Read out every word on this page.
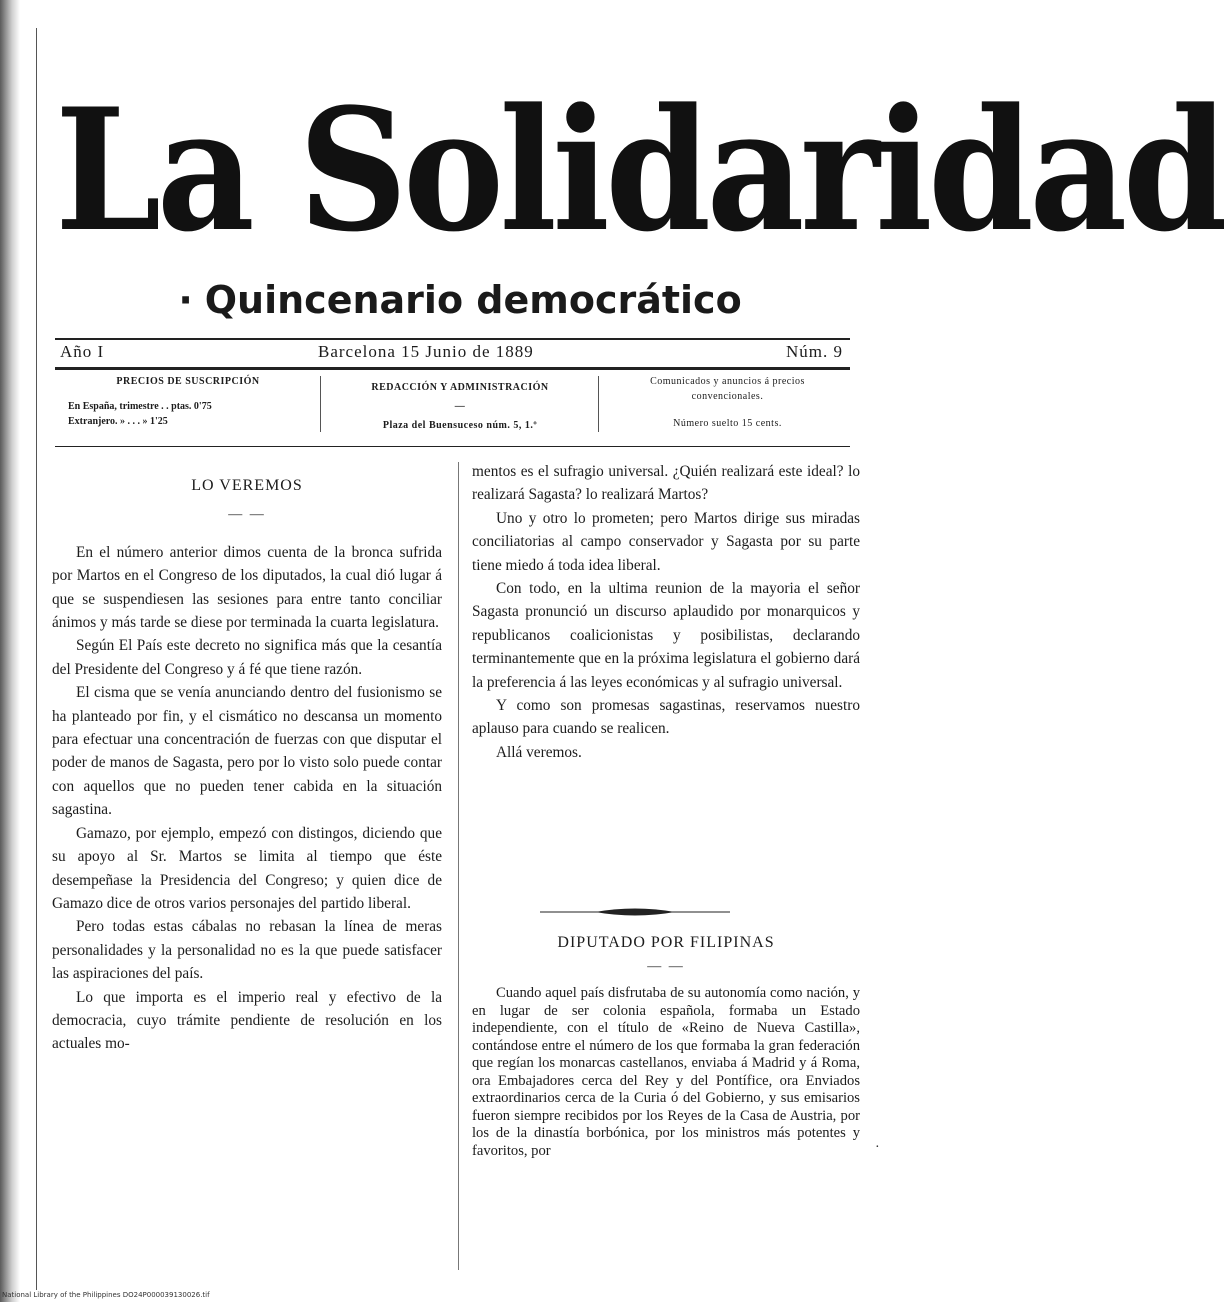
La Solidaridad
· Quincenario democrático
Año I	Barcelona 15 Junio de 1889	Núm. 9
PRECIOS DE SUSCRIPCIÓN
En España, trimestre . . ptas. 0'75
Extranjero. » . . . » 1'25
REDACCIÓN Y ADMINISTRACIÓN
—
Plaza del Buensuceso núm. 5, 1.º
Comunicados y anuncios á precios convencionales.
Número suelto 15 cents.

LO VEREMOS

— —

En el número anterior dimos cuenta de la bronca sufrida por Martos en el Congreso de los diputados, la cual dió lugar á que se suspendiesen las sesiones para entre tanto conciliar ánimos y más tarde se diese por terminada la cuarta legislatura.

Según El País este decreto no significa más que la cesantía del Presidente del Congreso y á fé que tiene razón.

El cisma que se venía anunciando dentro del fusionismo se ha planteado por fin, y el cismático no descansa un momento para efectuar una concentración de fuerzas con que disputar el poder de manos de Sagasta, pero por lo visto solo puede contar con aquellos que no pueden tener cabida en la situación sagastina.

Gamazo, por ejemplo, empezó con distingos, diciendo que su apoyo al Sr. Martos se limita al tiempo que éste desempeñase la Presidencia del Congreso; y quien dice de Gamazo dice de otros varios personajes del partido liberal.

Pero todas estas cábalas no rebasan la línea de meras personalidades y la personalidad no es la que puede satisfacer las aspiraciones del país.

Lo que importa es el imperio real y efectivo de la democracia, cuyo trámite pendiente de resolución en los actuales mo-

mentos es el sufragio universal. ¿Quién realizará este ideal? lo realizará Sagasta? lo realizará Martos?

Uno y otro lo prometen; pero Martos dirige sus miradas conciliatorias al campo conservador y Sagasta por su parte tiene miedo á toda idea liberal.

Con todo, en la ultima reunion de la mayoria el señor Sagasta pronunció un discurso aplaudido por monarquicos y republicanos coalicionistas y posibilistas, declarando terminantemente que en la próxima legislatura el gobierno dará la preferencia á las leyes económicas y al sufragio universal.

Y como son promesas sagastinas, reservamos nuestro aplauso para cuando se realicen.

Allá veremos.

DIPUTADO POR FILIPINAS

— —

Cuando aquel país disfrutaba de su autonomía como nación, y en lugar de ser colonia española, formaba un Estado independiente, con el título de «Reino de Nueva Castilla», contándose entre el número de los que formaba la gran federación que regían los monarcas castellanos, enviaba á Madrid y á Roma, ora Embajadores cerca del Rey y del Pontífice, ora Enviados extraordinarios cerca de la Curia ó del Gobierno, y sus emisarios fueron siempre recibidos por los Reyes de la Casa de Austria, por los de la dinastía borbónica, por los ministros más potentes y favoritos, por	·
National Library of the Philippines DO24P000039130026.tif
